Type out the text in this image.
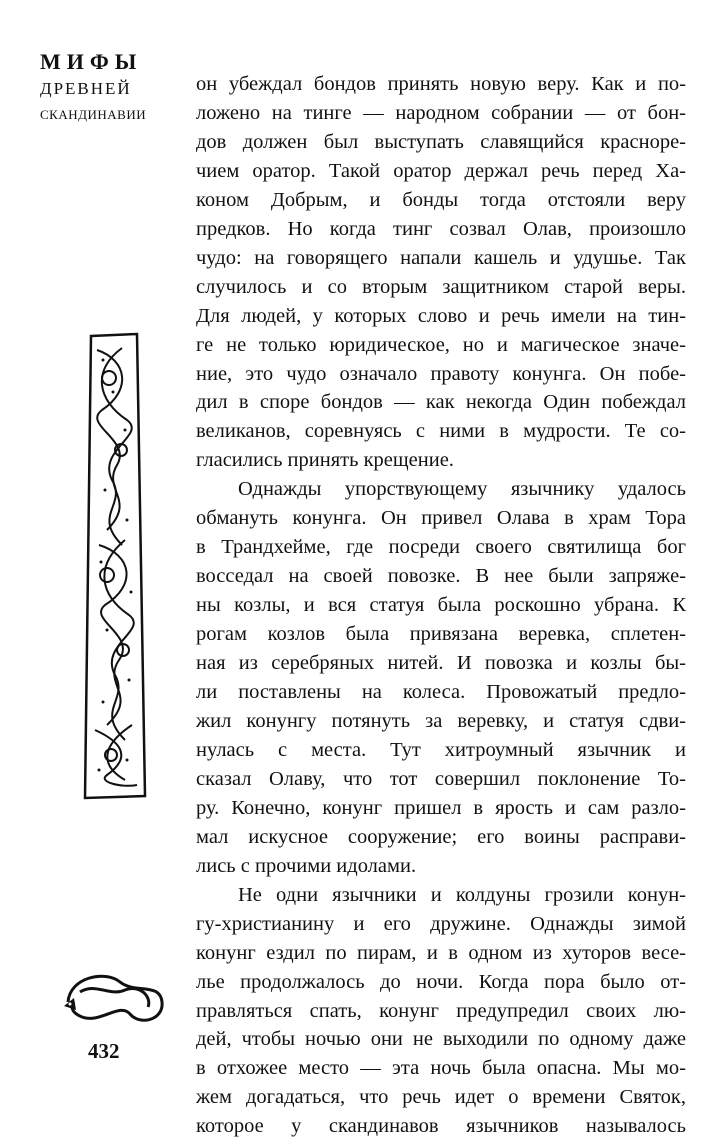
МИФЫ
ДРЕВНЕЙ
СКАНДИНАВИИ
432

он убеждал бондов принять новую веру. Как и по-
ложено на тинге — народном собрании — от бон-
дов должен был выступать славящийся красноре-
чием оратор. Такой оратор держал речь перед Ха-
коном Добрым, и бонды тогда отстояли веру
предков. Но когда тинг созвал Олав, произошло
чудо: на говорящего напали кашель и удушье. Так
случилось и со вторым защитником старой веры.
Для людей, у которых слово и речь имели на тин-
ге не только юридическое, но и магическое значе-
ние, это чудо означало правоту конунга. Он побе-
дил в споре бондов — как некогда Один побеждал
великанов, соревнуясь с ними в мудрости. Те со-
гласились принять крещение.

Однажды упорствующему язычнику удалось
обмануть конунга. Он привел Олава в храм Тора
в Трандхейме, где посреди своего святилища бог
восседал на своей повозке. В нее были запряже-
ны козлы, и вся статуя была роскошно убрана. К
рогам козлов была привязана веревка, сплетен-
ная из серебряных нитей. И повозка и козлы бы-
ли поставлены на колеса. Провожатый предло-
жил конунгу потянуть за веревку, и статуя сдви-
нулась с места. Тут хитроумный язычник и
сказал Олаву, что тот совершил поклонение То-
ру. Конечно, конунг пришел в ярость и сам разло-
мал искусное сооружение; его воины расправи-
лись с прочими идолами.

Не одни язычники и колдуны грозили конун-
гу-христианину и его дружине. Однажды зимой
конунг ездил по пирам, и в одном из хуторов весе-
лье продолжалось до ночи. Когда пора было от-
правляться спать, конунг предупредил своих лю-
дей, чтобы ночью они не выходили по одному даже
в отхожее место — эта ночь была опасна. Мы мо-
жем догадаться, что речь идет о времени Святок,
которое у скандинавов язычников называлось
